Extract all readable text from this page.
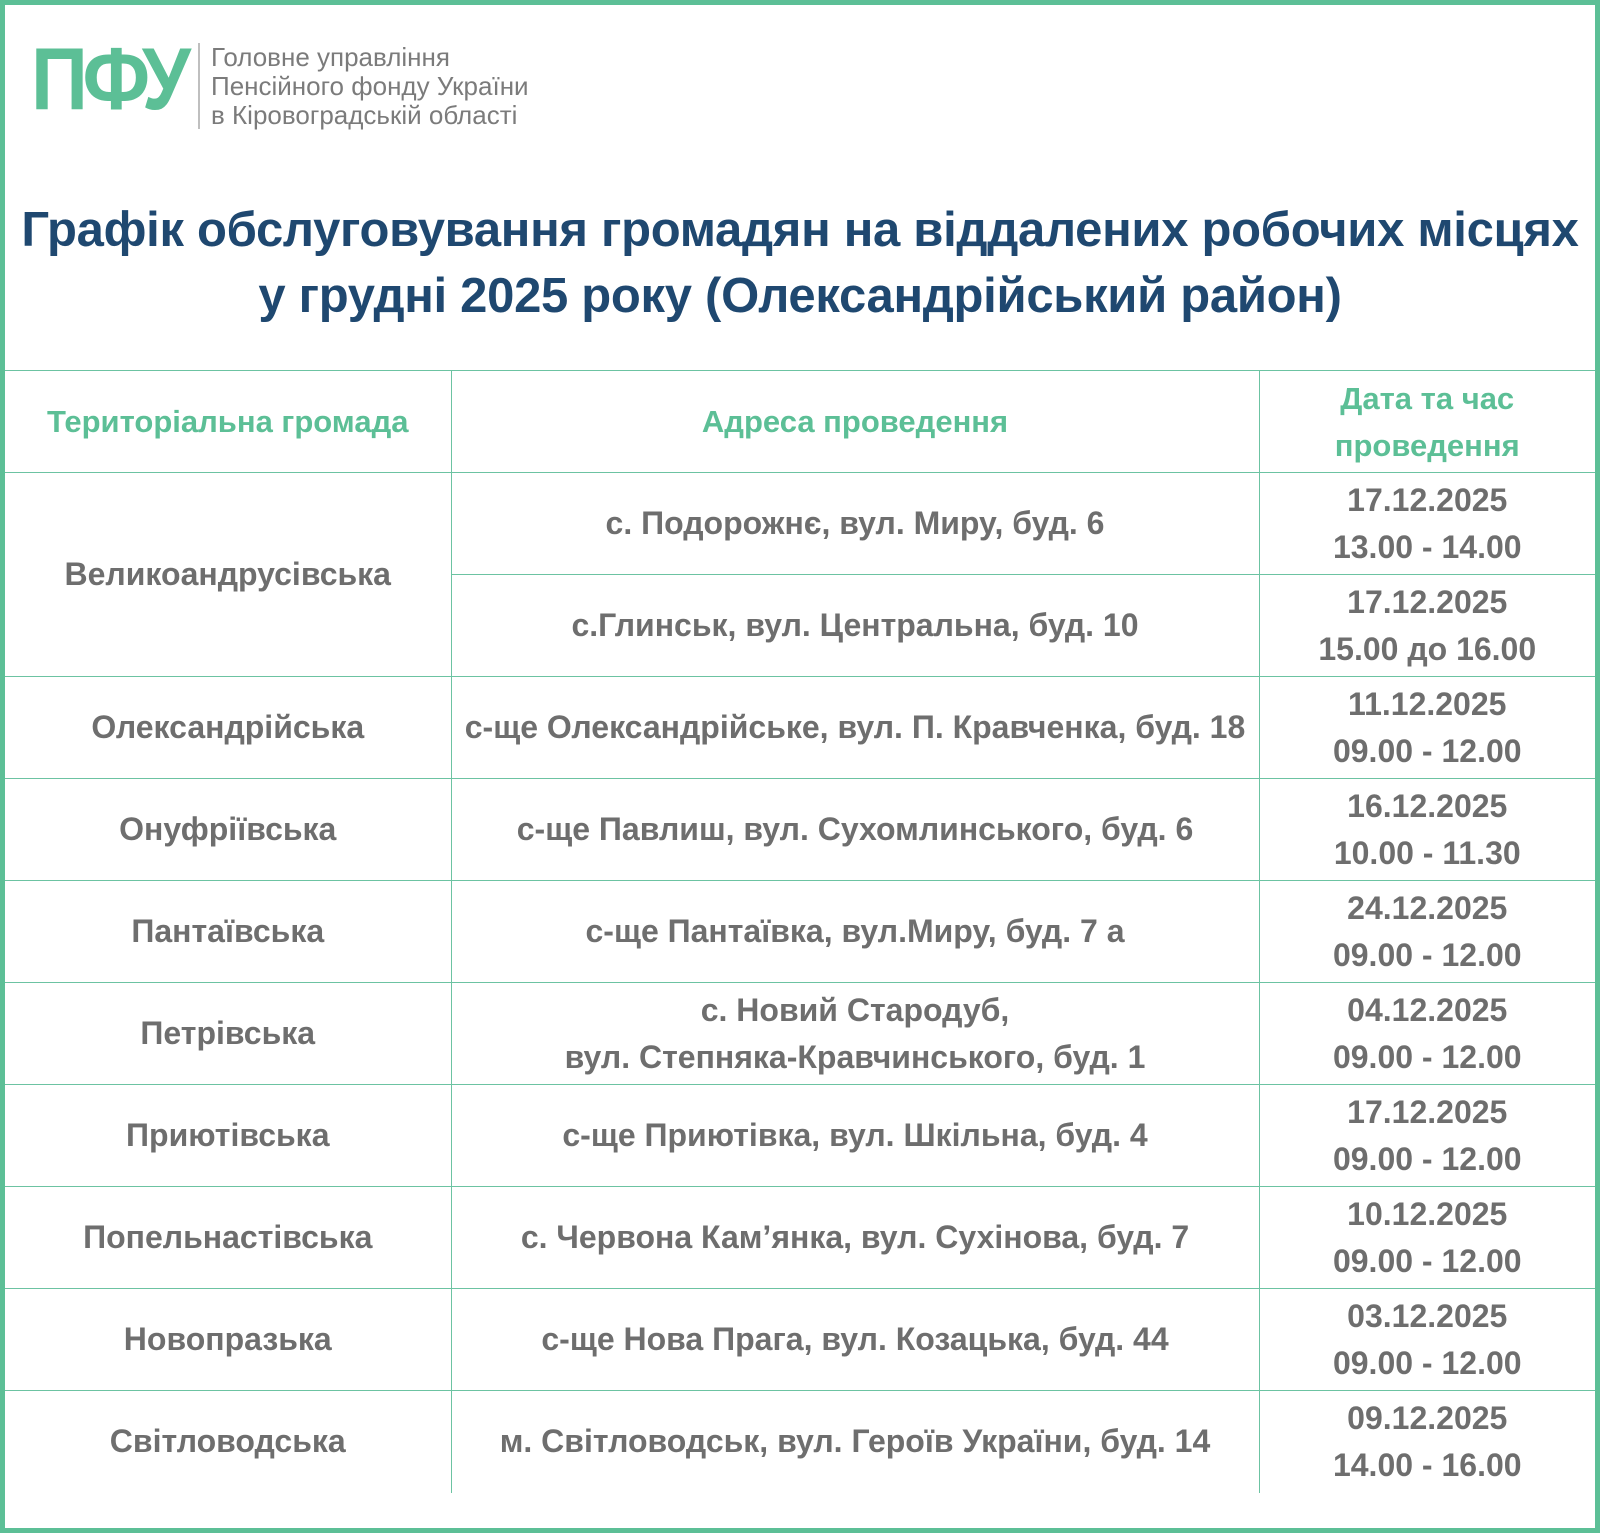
ПФУ Головне управління
Пенсійного фонду України
в Кіровоградській області
Графік обслуговування громадян на віддалених робочих місцях
у грудні 2025 року (Олександрійський район)
Територіальна громада	Адреса проведення	Дата та час
проведення

Великоандрусівська	с. Подорожнє, вул. Миру, буд. 6	17.12.2025
13.00 - 14.00

	с.Глинськ, вул. Центральна, буд. 10	17.12.2025
15.00 до 16.00

Олександрійська	с-ще Олександрійське, вул. П. Кравченка, буд. 18	11.12.2025
09.00 - 12.00

Онуфріївська	с-ще Павлиш, вул. Сухомлинського, буд. 6	16.12.2025
10.00 - 11.30

Пантаївська	с-ще Пантаївка, вул.Миру, буд. 7 а	24.12.2025
09.00 - 12.00

Петрівська	с. Новий Стародуб,
вул. Степняка-Кравчинського, буд. 1	04.12.2025
09.00 - 12.00

Приютівська	с-ще Приютівка, вул. Шкільна, буд. 4	17.12.2025
09.00 - 12.00

Попельнастівська	с. Червона Кам’янка, вул. Сухінова, буд. 7	10.12.2025
09.00 - 12.00

Новопразька	с-ще Нова Прага, вул. Козацька, буд. 44	03.12.2025
09.00 - 12.00

Світловодська	м. Світловодськ, вул. Героїв України, буд. 14	09.12.2025
14.00 - 16.00
